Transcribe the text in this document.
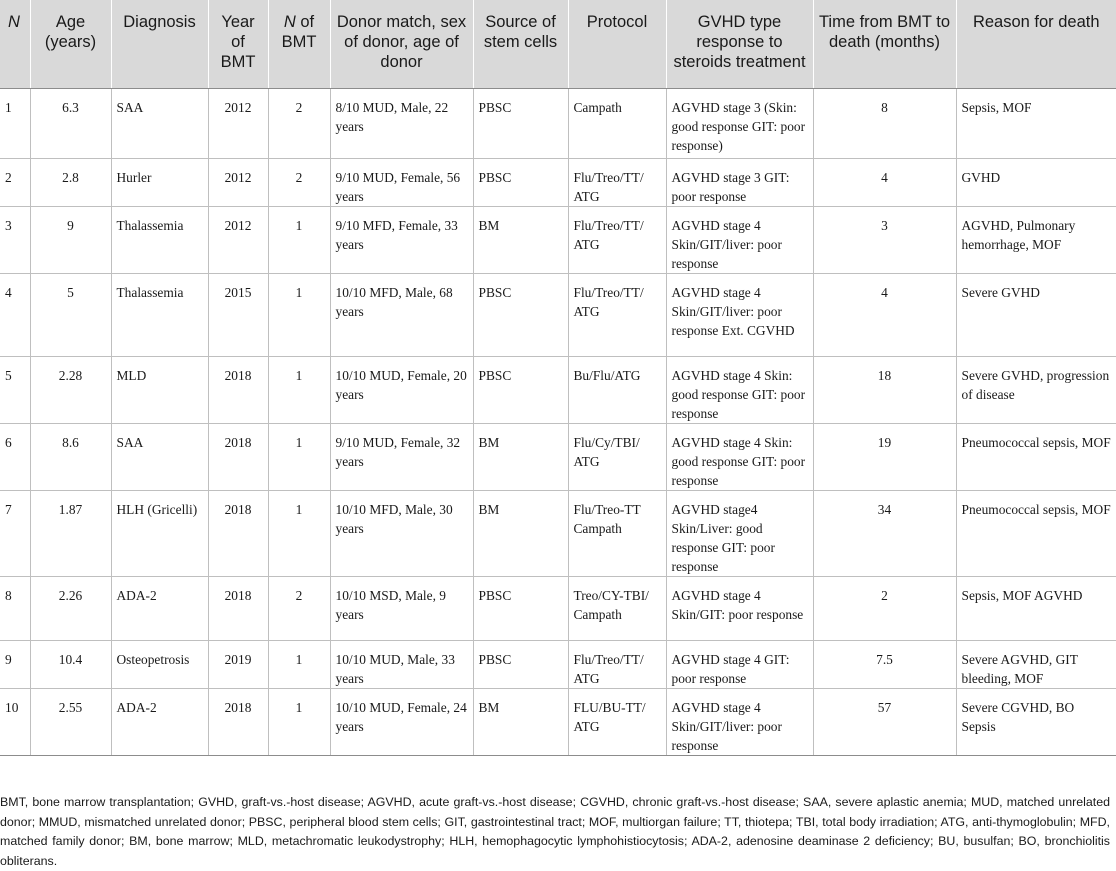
N	Age (years)	Diagnosis	Year of BMT	N of BMT	Donor match, sex of donor, age of donor	Source of stem cells	Protocol	GVHD type response to steroids treatment	Time from BMT to death (months)	Reason for death
1	6.3	SAA	2012	2	8/10 MUD, Male, 22 years	PBSC	Campath	AGVHD stage 3 (Skin: good response GIT: poor response)	8	Sepsis, MOF
2	2.8	Hurler	2012	2	9/10 MUD, Female, 56 years	PBSC	Flu/Treo/TT/ ATG	AGVHD stage 3 GIT: poor response	4	GVHD
3	9	Thalassemia	2012	1	9/10 MFD, Female, 33 years	BM	Flu/Treo/TT/ ATG	AGVHD stage 4 Skin/GIT/liver: poor response	3	AGVHD, Pulmonary hemorrhage, MOF
4	5	Thalassemia	2015	1	10/10 MFD, Male, 68 years	PBSC	Flu/Treo/TT/ ATG	AGVHD stage 4 Skin/GIT/liver: poor response Ext. CGVHD	4	Severe GVHD
5	2.28	MLD	2018	1	10/10 MUD, Female, 20 years	PBSC	Bu/Flu/ATG	AGVHD stage 4 Skin: good response GIT: poor response	18	Severe GVHD, progression of disease
6	8.6	SAA	2018	1	9/10 MUD, Female, 32 years	BM	Flu/Cy/TBI/ ATG	AGVHD stage 4 Skin: good response GIT: poor response	19	Pneumococcal sepsis, MOF
7	1.87	HLH (Gricelli)	2018	1	10/10 MFD, Male, 30 years	BM	Flu/Treo-TT Campath	AGVHD stage4 Skin/Liver: good response GIT: poor response	34	Pneumococcal sepsis, MOF
8	2.26	ADA-2	2018	2	10/10 MSD, Male, 9 years	PBSC	Treo/CY-TBI/ Campath	AGVHD stage 4 Skin/GIT: poor response	2	Sepsis, MOF AGVHD
9	10.4	Osteopetrosis	2019	1	10/10 MUD, Male, 33 years	PBSC	Flu/Treo/TT/ ATG	AGVHD stage 4 GIT: poor response	7.5	Severe AGVHD, GIT bleeding, MOF
10	2.55	ADA-2	2018	1	10/10 MUD, Female, 24 years	BM	FLU/BU-TT/ ATG	AGVHD stage 4 Skin/GIT/liver: poor response	57	Severe CGVHD, BO Sepsis
BMT, bone marrow transplantation; GVHD, graft-vs.-host disease; AGVHD, acute graft-vs.-host disease; CGVHD, chronic graft-vs.-host disease; SAA, severe aplastic anemia; MUD, matched unrelated donor; MMUD, mismatched unrelated donor; PBSC, peripheral blood stem cells; GIT, gastrointestinal tract; MOF, multiorgan failure; TT, thiotepa; TBI, total body irradiation; ATG, anti-thymoglobulin; MFD, matched family donor; BM, bone marrow; MLD, metachromatic leukodystrophy; HLH, hemophagocytic lymphohistiocytosis; ADA-2, adenosine deaminase 2 deficiency; BU, busulfan; BO, bronchiolitis obliterans.
